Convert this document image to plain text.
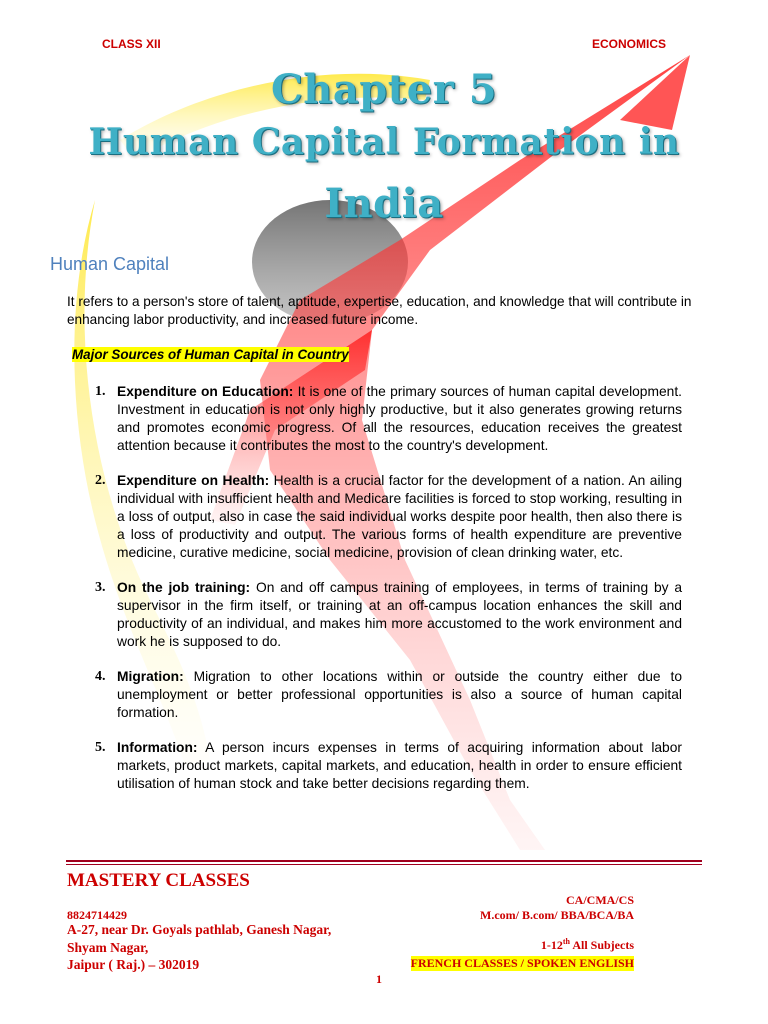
CLASS XII	ECONOMICS
Chapter 5
Human Capital Formation in
India
Human Capital
It refers to a person's store of talent, aptitude, expertise, education, and knowledge that will contribute in enhancing labor productivity, and increased future income.
Major Sources of Human Capital in Country
1. Expenditure on Education: It is one of the primary sources of human capital development. Investment in education is not only highly productive, but it also generates growing returns and promotes economic progress. Of all the resources, education receives the greatest attention because it contributes the most to the country's development.
2. Expenditure on Health: Health is a crucial factor for the development of a nation. An ailing individual with insufficient health and Medicare facilities is forced to stop working, resulting in a loss of output, also in case the said individual works despite poor health, then also there is a loss of productivity and output. The various forms of health expenditure are preventive medicine, curative medicine, social medicine, provision of clean drinking water, etc.
3. On the job training: On and off campus training of employees, in terms of training by a supervisor in the firm itself, or training at an off-campus location enhances the skill and productivity of an individual, and makes him more accustomed to the work environment and work he is supposed to do.
4. Migration: Migration to other locations within or outside the country either due to unemployment or better professional opportunities is also a source of human capital formation.
5. Information: A person incurs expenses in terms of acquiring information about labor markets, product markets, capital markets, and education, health in order to ensure efficient utilisation of human stock and take better decisions regarding them.
MASTERY CLASSES
8824714429
A-27, near Dr. Goyals pathlab, Ganesh Nagar,
Shyam Nagar,
Jaipur ( Raj.) – 302019
CA/CMA/CS
M.com/ B.com/ BBA/BCA/BA
1-12th All Subjects
FRENCH CLASSES / SPOKEN ENGLISH
1
